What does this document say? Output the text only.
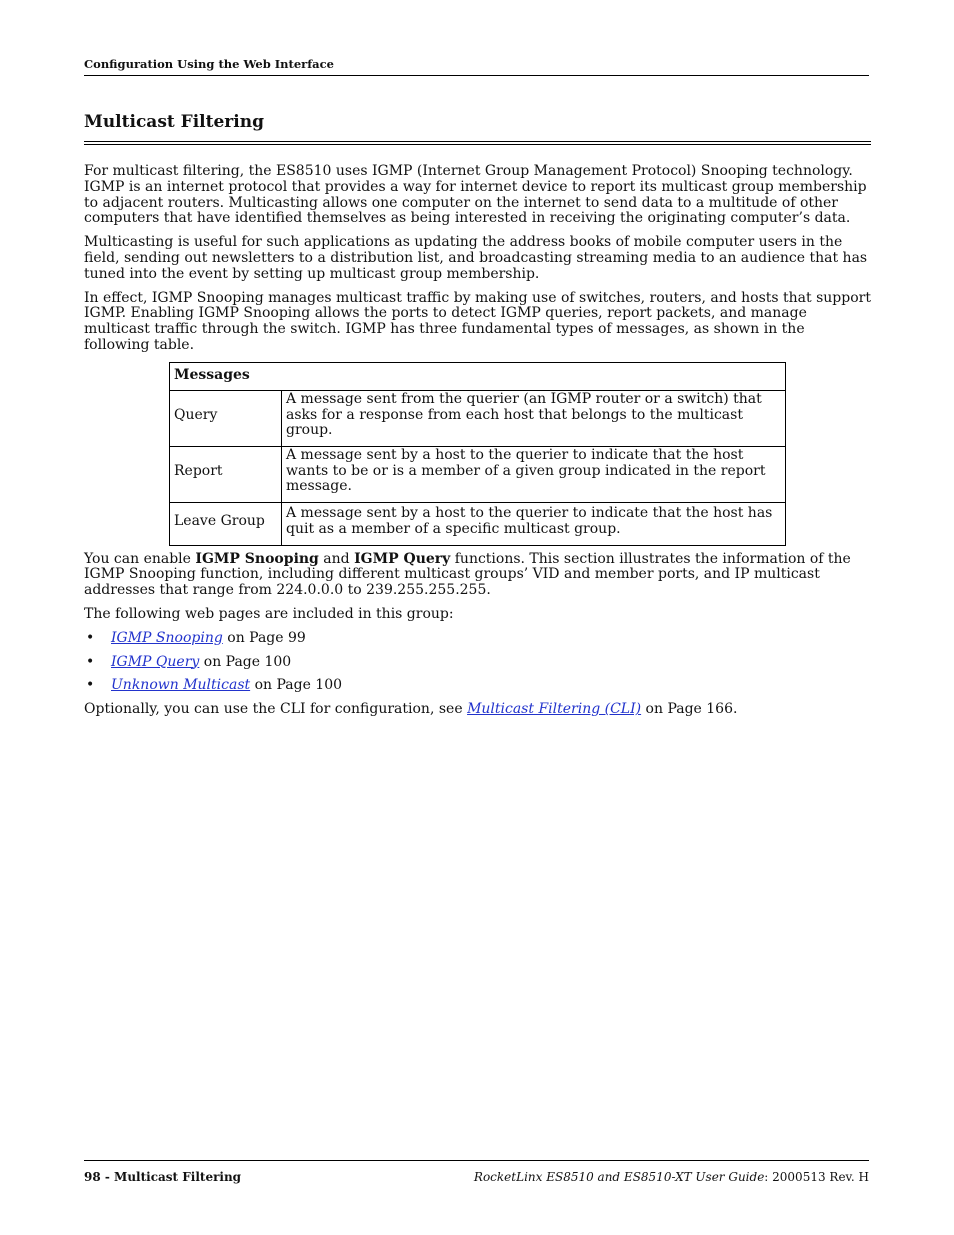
Configuration Using the Web Interface
Multicast Filtering

For multicast filtering, the ES8510 uses IGMP (Internet Group Management Protocol) Snooping technology. IGMP is an internet protocol that provides a way for internet device to report its multicast group membership to adjacent routers. Multicasting allows one computer on the internet to send data to a multitude of other computers that have identified themselves as being interested in receiving the originating computer’s data.

Multicasting is useful for such applications as updating the address books of mobile computer users in the field, sending out newsletters to a distribution list, and broadcasting streaming media to an audience that has tuned into the event by setting up multicast group membership.

In effect, IGMP Snooping manages multicast traffic by making use of switches, routers, and hosts that support IGMP. Enabling IGMP Snooping allows the ports to detect IGMP queries, report packets, and manage multicast traffic through the switch. IGMP has three fundamental types of messages, as shown in the following table.

Messages	
Query	A message sent from the querier (an IGMP router or a switch) that asks for a response from each host that belongs to the multicast group.
Report	A message sent by a host to the querier to indicate that the host wants to be or is a member of a given group indicated in the report message.
Leave Group	A message sent by a host to the querier to indicate that the host has quit as a member of a specific multicast group.

You can enable IGMP Snooping and IGMP Query functions. This section illustrates the information of the IGMP Snooping function, including different multicast groups’ VID and member ports, and IP multicast addresses that range from 224.0.0.0 to 239.255.255.255.

The following web pages are included in this group:

• IGMP Snooping on Page 99
• IGMP Query on Page 100
• Unknown Multicast on Page 100

Optionally, you can use the CLI for configuration, see Multicast Filtering (CLI) on Page 166.

98 - Multicast Filtering	RocketLinx ES8510 and ES8510-XT User Guide: 2000513 Rev. H
